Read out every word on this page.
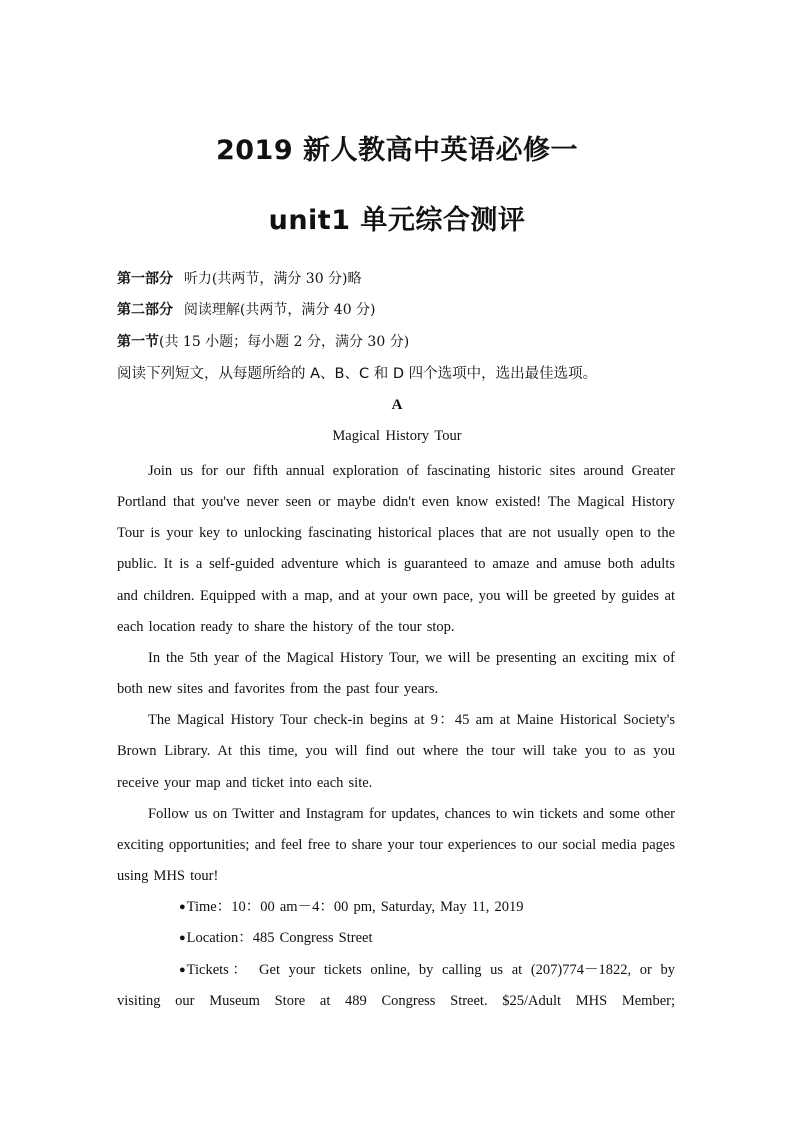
2019 新人教高中英语必修一
unit1 单元综合测评
第一部分 听力(共两节，满分 30 分)略
第二部分 阅读理解(共两节，满分 40 分)
第一节(共 15 小题；每小题 2 分，满分 30 分)
阅读下列短文，从每题所给的 A、B、C 和 D 四个选项中，选出最佳选项。
A
Magical History Tour

Join us for our fifth annual exploration of fascinating historic sites around Greater Portland that you've never seen or maybe didn't even know existed! The Magical History Tour is your key to unlocking fascinating historical places that are not usually open to the public. It is a self-guided adventure which is guaranteed to amaze and amuse both adults and children. Equipped with a map, and at your own pace, you will be greeted by guides at each location ready to share the history of the tour stop.

In the 5th year of the Magical History Tour, we will be presenting an exciting mix of both new sites and favorites from the past four years.

The Magical History Tour check-in begins at 9：45 am at Maine Historical Society's Brown Library. At this time, you will find out where the tour will take you to as you receive your map and ticket into each site.

Follow us on Twitter and Instagram for updates, chances to win tickets and some other exciting opportunities; and feel free to share your tour experiences to our social media pages using MHS tour!

●Time：10：00 am－4：00 pm, Saturday, May 11, 2019

●Location：485 Congress Street

●Tickets： Get your tickets online, by calling us at (207)774－1822, or by visiting our Museum Store at 489 Congress Street. $25/Adult MHS Member;
